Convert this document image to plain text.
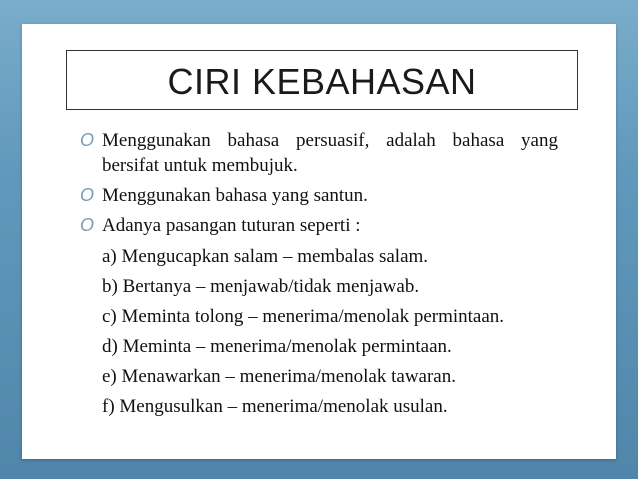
CIRI KEBAHASAN
O Menggunakan bahasa persuasif, adalah bahasa yang bersifat untuk membujuk.
O Menggunakan bahasa yang santun.
O Adanya pasangan tuturan seperti :
a) Mengucapkan salam – membalas salam.
b) Bertanya – menjawab/tidak menjawab.
c) Meminta tolong – menerima/menolak permintaan.
d) Meminta – menerima/menolak permintaan.
e) Menawarkan – menerima/menolak tawaran.
f) Mengusulkan – menerima/menolak usulan.
